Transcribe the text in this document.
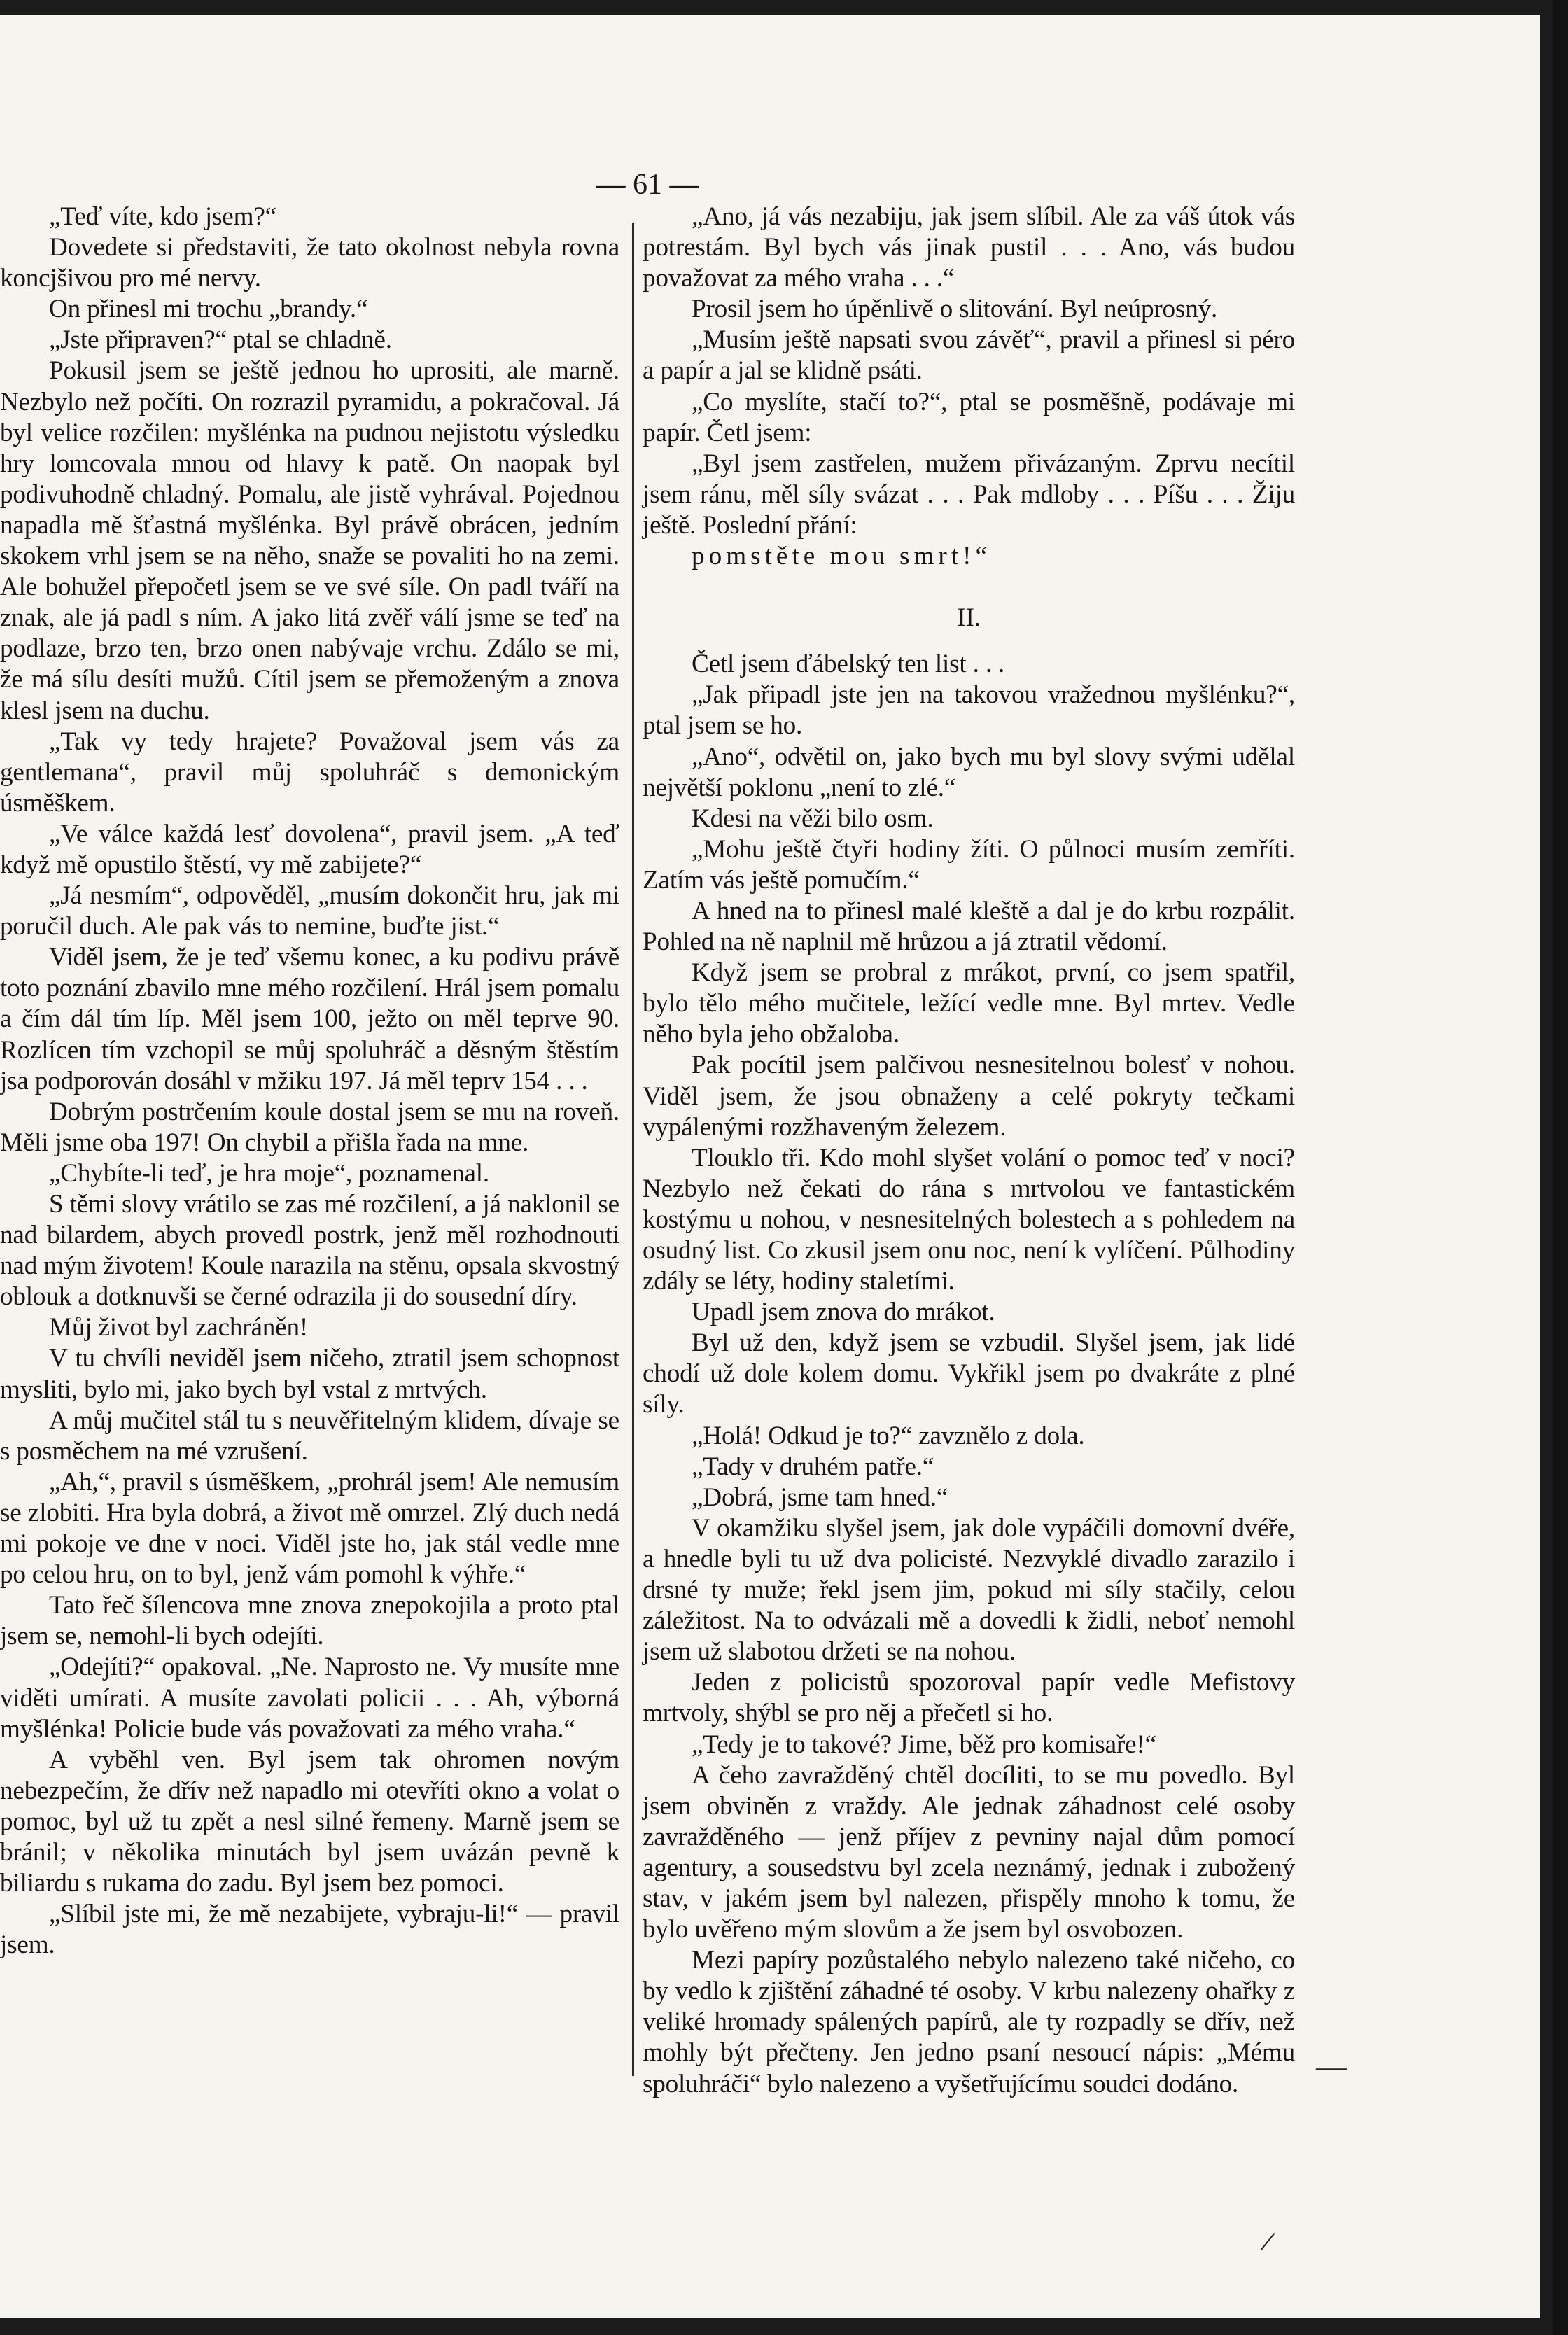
— 61 —

„Teď víte, kdo jsem?“

Dovedete si představiti, že tato okolnost nebyla rovna koncjšivou pro mé nervy.

On přinesl mi trochu „brandy.“

„Jste připraven?“ ptal se chladně.

Pokusil jsem se ještě jednou ho uprositi, ale marně. Nezbylo než počíti. On rozrazil pyramidu, a pokračoval. Já byl velice rozčilen: myšlénka na pudnou nejistotu výsledku hry lomcovala mnou od hlavy k patě. On naopak byl podivuhodně chladný. Pomalu, ale jistě vyhrával. Pojednou napadla mě šťastná myšlénka. Byl právě obrácen, jedním skokem vrhl jsem se na něho, snaže se povaliti ho na zemi. Ale bohužel přepočetl jsem se ve své síle. On padl tváří na znak, ale já padl s ním. A jako litá zvěř válí jsme se teď na podlaze, brzo ten, brzo onen nabývaje vrchu. Zdálo se mi, že má sílu desíti mužů. Cítil jsem se přemoženým a znova klesl jsem na duchu.

„Tak vy tedy hrajete? Považoval jsem vás za gentlemana“, pravil můj spoluhráč s demonickým úsměškem.

„Ve válce každá lesť dovolena“, pravil jsem. „A teď když mě opustilo štěstí, vy mě zabijete?“

„Já nesmím“, odpověděl, „musím dokončit hru, jak mi poručil duch. Ale pak vás to nemine, buďte jist.“

Viděl jsem, že je teď všemu konec, a ku podivu právě toto poznání zbavilo mne mého rozčilení. Hrál jsem pomalu a čím dál tím líp. Měl jsem 100, ježto on měl teprve 90. Rozlícen tím vzchopil se můj spoluhráč a děsným štěstím jsa podporován dosáhl v mžiku 197. Já měl teprv 154 . . .

Dobrým postrčením koule dostal jsem se mu na roveň. Měli jsme oba 197! On chybil a přišla řada na mne.

„Chybíte-li teď, je hra moje“, poznamenal.

S těmi slovy vrátilo se zas mé rozčilení, a já naklonil se nad bilardem, abych provedl postrk, jenž měl rozhodnouti nad mým životem! Koule narazila na stěnu, opsala skvostný oblouk a dotknuvši se černé odrazila ji do sousední díry.

Můj život byl zachráněn!

V tu chvíli neviděl jsem ničeho, ztratil jsem schopnost mysliti, bylo mi, jako bych byl vstal z mrtvých.

A můj mučitel stál tu s neuvěřitelným klidem, dívaje se s posměchem na mé vzrušení.

„Ah,“, pravil s úsměškem, „prohrál jsem! Ale nemusím se zlobiti. Hra byla dobrá, a život mě omrzel. Zlý duch nedá mi pokoje ve dne v noci. Viděl jste ho, jak stál vedle mne po celou hru, on to byl, jenž vám pomohl k výhře.“

Tato řeč šílencova mne znova znepokojila a proto ptal jsem se, nemohl-li bych odejíti.

„Odejíti?“ opakoval. „Ne. Naprosto ne. Vy musíte mne viděti umírati. A musíte zavolati policii . . . Ah, výborná myšlénka! Policie bude vás považovati za mého vraha.“

A vyběhl ven. Byl jsem tak ohromen novým nebezpečím, že dřív než napadlo mi otevříti okno a volat o pomoc, byl už tu zpět a nesl silné řemeny. Marně jsem se bránil; v několika minutách byl jsem uvázán pevně k biliardu s rukama do zadu. Byl jsem bez pomoci.

„Slíbil jste mi, že mě nezabijete, vybraju-li!“ — pravil jsem.

„Ano, já vás nezabiju, jak jsem slíbil. Ale za váš útok vás potrestám. Byl bych vás jinak pustil . . . Ano, vás budou považovat za mého vraha . . .“

Prosil jsem ho úpěnlivě o slitování. Byl neúprosný.

„Musím ještě napsati svou závěť“, pravil a přinesl si péro a papír a jal se klidně psáti.

„Co myslíte, stačí to?“, ptal se posměšně, podávaje mi papír. Četl jsem:

„Byl jsem zastřelen, mužem přivázaným. Zprvu necítil jsem ránu, měl síly svázat . . . Pak mdloby . . . Píšu . . . Žiju ještě. Poslední přání:

pomstěte mou smrt!“

II.

Četl jsem ďábelský ten list . . .

„Jak připadl jste jen na takovou vražednou myšlénku?“, ptal jsem se ho.

„Ano“, odvětil on, jako bych mu byl slovy svými udělal největší poklonu „není to zlé.“

Kdesi na věži bilo osm.

„Mohu ještě čtyři hodiny žíti. O půlnoci musím zemříti. Zatím vás ještě pomučím.“

A hned na to přinesl malé kleště a dal je do krbu rozpálit. Pohled na ně naplnil mě hrůzou a já ztratil vědomí.

Když jsem se probral z mrákot, první, co jsem spatřil, bylo tělo mého mučitele, ležící vedle mne. Byl mrtev. Vedle něho byla jeho obžaloba.

Pak pocítil jsem palčivou nesnesitelnou bolesť v nohou. Viděl jsem, že jsou obnaženy a celé pokryty tečkami vypálenými rozžhaveným železem.

Tlouklo tři. Kdo mohl slyšet volání o pomoc teď v noci? Nezbylo než čekati do rána s mrtvolou ve fantastickém kostýmu u nohou, v nesnesitelných bolestech a s pohledem na osudný list. Co zkusil jsem onu noc, není k vylíčení. Půlhodiny zdály se léty, hodiny staletími.

Upadl jsem znova do mrákot.

Byl už den, když jsem se vzbudil. Slyšel jsem, jak lidé chodí už dole kolem domu. Vykřikl jsem po dvakráte z plné síly.

„Holá! Odkud je to?“ zavznělo z dola.

„Tady v druhém patře.“

„Dobrá, jsme tam hned.“

V okamžiku slyšel jsem, jak dole vypáčili domovní dvéře, a hnedle byli tu už dva policisté. Nezvyklé divadlo zarazilo i drsné ty muže; řekl jsem jim, pokud mi síly stačily, celou záležitost. Na to odvázali mě a dovedli k židli, neboť nemohl jsem už slabotou držeti se na nohou.

Jeden z policistů spozoroval papír vedle Mefistovy mrtvoly, shýbl se pro něj a přečetl si ho.

„Tedy je to takové? Jime, běž pro komisaře!“

A čeho zavražděný chtěl docíliti, to se mu povedlo. Byl jsem obviněn z vraždy. Ale jednak záhadnost celé osoby zavražděného — jenž příjev z pevniny najal dům pomocí agentury, a sousedstvu byl zcela neznámý, jednak i zubožený stav, v jakém jsem byl nalezen, přispěly mnoho k tomu, že bylo uvěřeno mým slovům a že jsem byl osvobozen.

Mezi papíry pozůstalého nebylo nalezeno také ničeho, co by vedlo k zjištění záhadné té osoby. V krbu nalezeny ohařky z veliké hromady spálených papírů, ale ty rozpadly se dřív, než mohly být přečteny. Jen jedno psaní nesoucí nápis: „Mému spoluhráči“ bylo nalezeno a vyšetřujícímu soudci dodáno.

—
/
